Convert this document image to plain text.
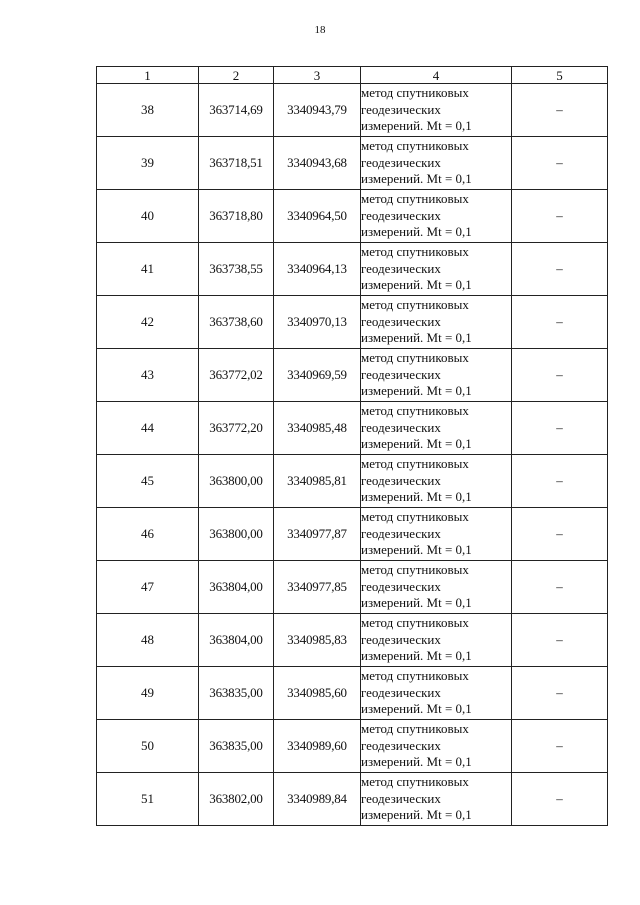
18
1	2	3	4	5
38	363714,69	3340943,79	метод спутниковых
геодезических
измерений. Mt = 0,1	–
39	363718,51	3340943,68	метод спутниковых
геодезических
измерений. Mt = 0,1	–
40	363718,80	3340964,50	метод спутниковых
геодезических
измерений. Mt = 0,1	–
41	363738,55	3340964,13	метод спутниковых
геодезических
измерений. Mt = 0,1	–
42	363738,60	3340970,13	метод спутниковых
геодезических
измерений. Mt = 0,1	–
43	363772,02	3340969,59	метод спутниковых
геодезических
измерений. Mt = 0,1	–
44	363772,20	3340985,48	метод спутниковых
геодезических
измерений. Mt = 0,1	–
45	363800,00	3340985,81	метод спутниковых
геодезических
измерений. Mt = 0,1	–
46	363800,00	3340977,87	метод спутниковых
геодезических
измерений. Mt = 0,1	–
47	363804,00	3340977,85	метод спутниковых
геодезических
измерений. Mt = 0,1	–
48	363804,00	3340985,83	метод спутниковых
геодезических
измерений. Mt = 0,1	–
49	363835,00	3340985,60	метод спутниковых
геодезических
измерений. Mt = 0,1	–
50	363835,00	3340989,60	метод спутниковых
геодезических
измерений. Mt = 0,1	–
51	363802,00	3340989,84	метод спутниковых
геодезических
измерений. Mt = 0,1	–
